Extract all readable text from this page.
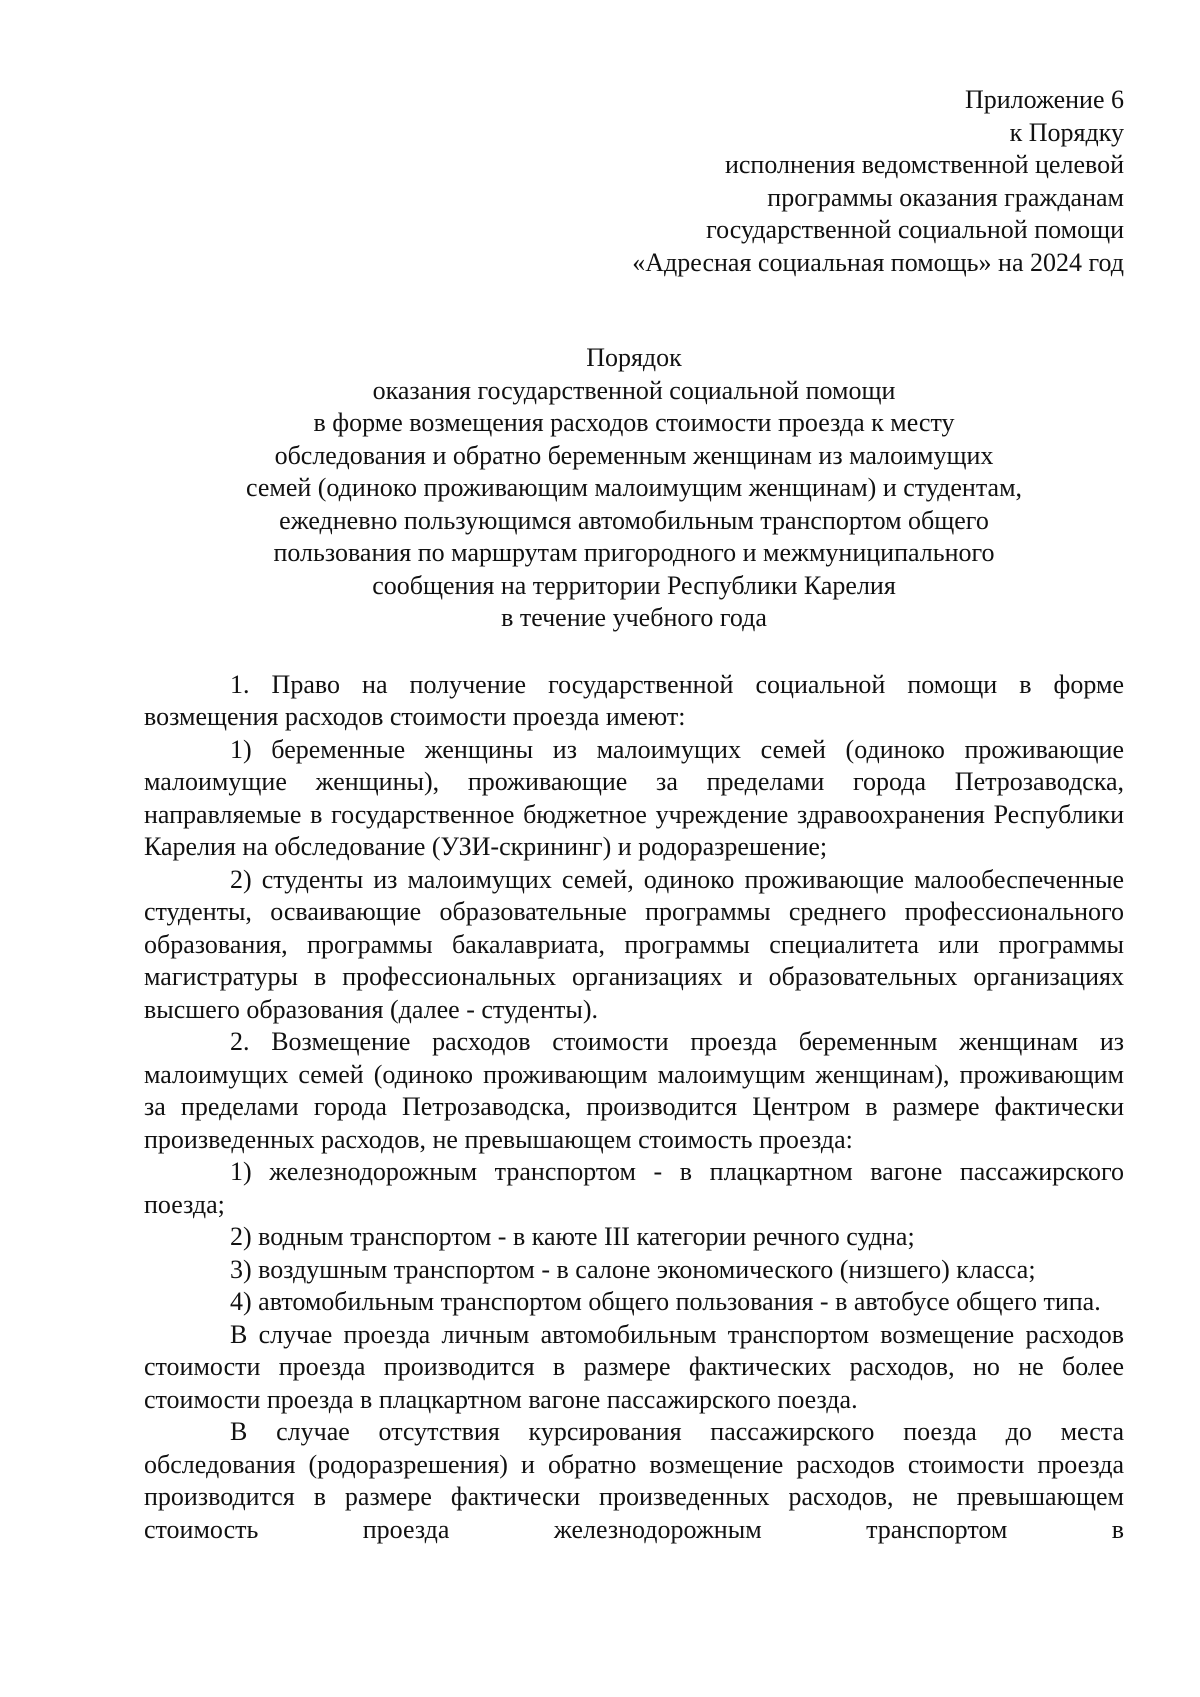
Приложение 6
к Порядку
исполнения ведомственной целевой
программы оказания гражданам
государственной социальной помощи
«Адресная социальная помощь» на 2024 год
Порядок
оказания государственной социальной помощи
в форме возмещения расходов стоимости проезда к месту
обследования и обратно беременным женщинам из малоимущих
семей (одиноко проживающим малоимущим женщинам) и студентам,
ежедневно пользующимся автомобильным транспортом общего
пользования по маршрутам пригородного и межмуниципального
сообщения на территории Республики Карелия
в течение учебного года

1. Право на получение государственной социальной помощи в форме возмещения расходов стоимости проезда имеют:

1) беременные женщины из малоимущих семей (одиноко проживающие малоимущие женщины), проживающие за пределами города Петрозаводска, направляемые в государственное бюджетное учреждение здравоохранения Республики Карелия на обследование (УЗИ-скрининг) и родоразрешение;

2) студенты из малоимущих семей, одиноко проживающие малообеспеченные студенты, осваивающие образовательные программы среднего профессионального образования, программы бакалавриата, программы специалитета или программы магистратуры в профессиональных организациях и образовательных организациях высшего образования (далее - студенты).

2. Возмещение расходов стоимости проезда беременным женщинам из малоимущих семей (одиноко проживающим малоимущим женщинам), проживающим за пределами города Петрозаводска, производится Центром в размере фактически произведенных расходов, не превышающем стоимость проезда:

1) железнодорожным транспортом - в плацкартном вагоне пассажирского поезда;

2) водным транспортом - в каюте III категории речного судна;

3) воздушным транспортом - в салоне экономического (низшего) класса;

4) автомобильным транспортом общего пользования - в автобусе общего типа.

В случае проезда личным автомобильным транспортом возмещение расходов стоимости проезда производится в размере фактических расходов, но не более стоимости проезда в плацкартном вагоне пассажирского поезда.

В случае отсутствия курсирования пассажирского поезда до места обследования (родоразрешения) и обратно возмещение расходов стоимости проезда производится в размере фактически произведенных расходов, не превышающем стоимость проезда железнодорожным транспортом в
